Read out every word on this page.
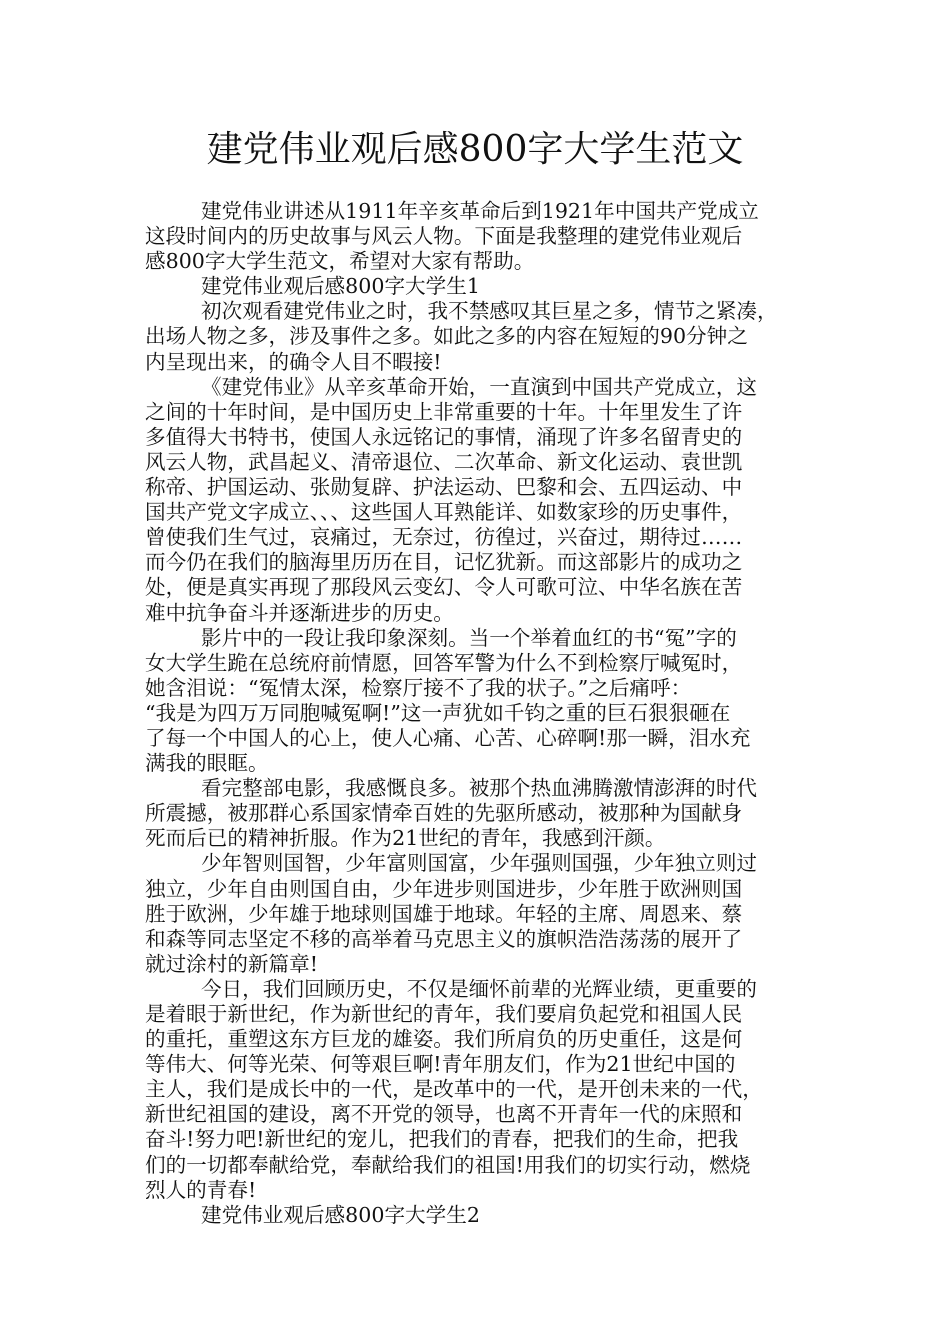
建党伟业观后感800字大学生范文
建党伟业讲述从1911年辛亥革命后到1921年中国共产党成立
这段时间内的历史故事与风云人物。下面是我整理的建党伟业观后
感800字大学生范文，希望对大家有帮助。
建党伟业观后感800字大学生1
初次观看建党伟业之时，我不禁感叹其巨星之多，情节之紧凑，
出场人物之多，涉及事件之多。如此之多的内容在短短的90分钟之
内呈现出来，的确令人目不暇接!
《建党伟业》从辛亥革命开始，一直演到中国共产党成立，这
之间的十年时间，是中国历史上非常重要的十年。十年里发生了许
多值得大书特书，使国人永远铭记的事情，涌现了许多名留青史的
风云人物，武昌起义、清帝退位、二次革命、新文化运动、袁世凯
称帝、护国运动、张勋复辟、护法运动、巴黎和会、五四运动、中
国共产党文字成立、、、这些国人耳熟能详、如数家珍的历史事件，
曾使我们生气过，哀痛过，无奈过，彷徨过，兴奋过，期待过……
而今仍在我们的脑海里历历在目，记忆犹新。而这部影片的成功之
处，便是真实再现了那段风云变幻、令人可歌可泣、中华名族在苦
难中抗争奋斗并逐渐进步的历史。
影片中的一段让我印象深刻。当一个举着血红的书“冤”字的
女大学生跪在总统府前情愿，回答军警为什么不到检察厅喊冤时，
她含泪说：“冤情太深，检察厅接不了我的状子。”之后痛呼：
“我是为四万万同胞喊冤啊!”这一声犹如千钧之重的巨石狠狠砸在
了每一个中国人的心上，使人心痛、心苦、心碎啊!那一瞬，泪水充
满我的眼眶。
看完整部电影，我感慨良多。被那个热血沸腾激情澎湃的时代
所震撼，被那群心系国家情牵百姓的先驱所感动，被那种为国献身
死而后已的精神折服。作为21世纪的青年，我感到汗颜。
少年智则国智，少年富则国富，少年强则国强，少年独立则过
独立，少年自由则国自由，少年进步则国进步，少年胜于欧洲则国
胜于欧洲，少年雄于地球则国雄于地球。年轻的主席、周恩来、蔡
和森等同志坚定不移的高举着马克思主义的旗帜浩浩荡荡的展开了
就过涂村的新篇章!
今日，我们回顾历史，不仅是缅怀前辈的光辉业绩，更重要的
是着眼于新世纪，作为新世纪的青年，我们要肩负起党和祖国人民
的重托，重塑这东方巨龙的雄姿。我们所肩负的历史重任，这是何
等伟大、何等光荣、何等艰巨啊!青年朋友们，作为21世纪中国的
主人，我们是成长中的一代，是改革中的一代，是开创未来的一代，
新世纪祖国的建设，离不开党的领导，也离不开青年一代的床照和
奋斗!努力吧!新世纪的宠儿，把我们的青春，把我们的生命，把我
们的一切都奉献给党，奉献给我们的祖国!用我们的切实行动，燃烧
烈人的青春!
建党伟业观后感800字大学生2
